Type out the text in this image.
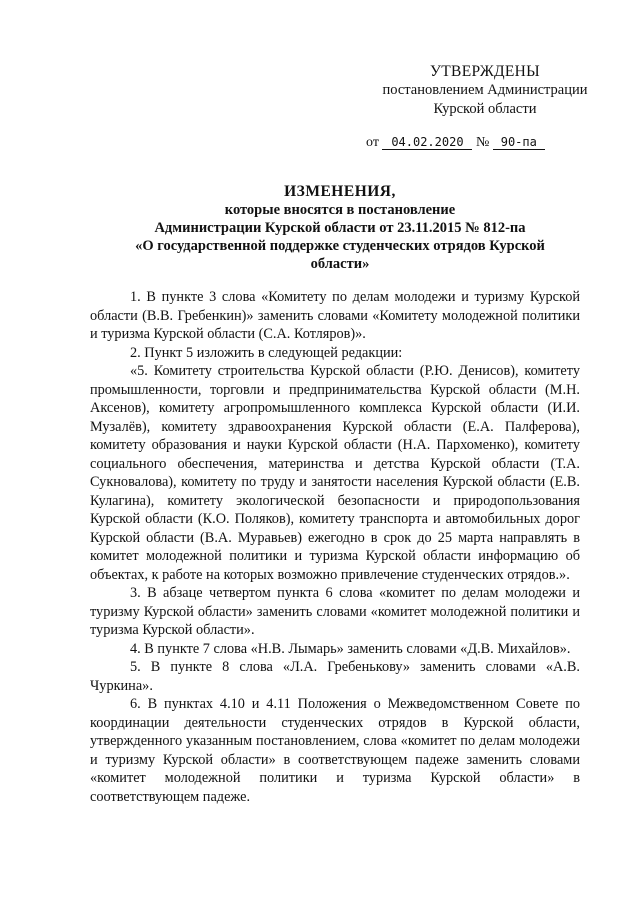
УТВЕРЖДЕНЫ
постановлением Администрации
Курской области
от 04.02.2020 № 90-па
ИЗМЕНЕНИЯ,
которые вносятся в постановление
Администрации Курской области от 23.11.2015 № 812-па
«О государственной поддержке студенческих отрядов Курской
области»

1. В пункте 3 слова «Комитету по делам молодежи и туризму Курской области (В.В. Гребенкин)» заменить словами «Комитету молодежной политики и туризма Курской области (С.А. Котляров)».

2. Пункт 5 изложить в следующей редакции:

«5. Комитету строительства Курской области (Р.Ю. Денисов), комитету промышленности, торговли и предпринимательства Курской области (М.Н. Аксенов), комитету агропромышленного комплекса Курской области (И.И. Музалёв), комитету здравоохранения Курской области (Е.А. Палферова), комитету образования и науки Курской области (Н.А. Пархоменко), комитету социального обеспечения, материнства и детства Курской области (Т.А. Сукновалова), комитету по труду и занятости населения Курской области (Е.В. Кулагина), комитету экологической безопасности и природопользования Курской области (К.О. Поляков), комитету транспорта и автомобильных дорог Курской области (В.А. Муравьев) ежегодно в срок до 25 марта направлять в комитет молодежной политики и туризма Курской области информацию об объектах, к работе на которых возможно привлечение студенческих отрядов.».

3. В абзаце четвертом пункта 6 слова «комитет по делам молодежи и туризму Курской области» заменить словами «комитет молодежной политики и туризма Курской области».

4. В пункте 7 слова «Н.В. Лымарь» заменить словами «Д.В. Михайлов».

5. В пункте 8 слова «Л.А. Гребенькову» заменить словами «А.В. Чуркина».

6. В пунктах 4.10 и 4.11 Положения о Межведомственном Совете по координации деятельности студенческих отрядов в Курской области, утвержденного указанным постановлением, слова «комитет по делам молодежи и туризму Курской области» в соответствующем падеже заменить словами «комитет молодежной политики и туризма Курской области» в соответствующем падеже.
